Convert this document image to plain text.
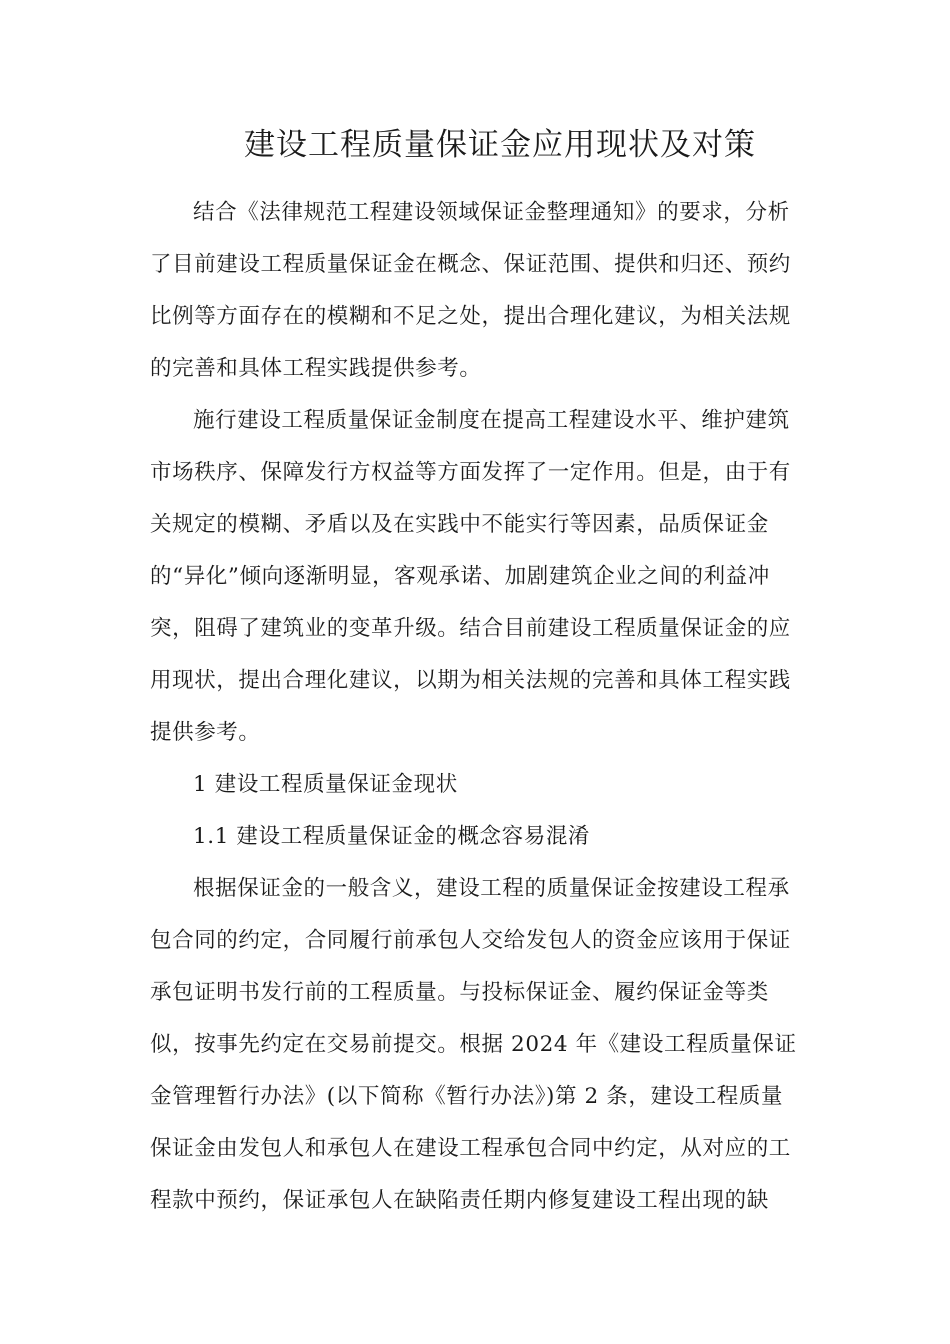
建设工程质量保证金应用现状及对策

结合《法律规范工程建设领域保证金整理通知》的要求，分析

了目前建设工程质量保证金在概念、保证范围、提供和归还、预约

比例等方面存在的模糊和不足之处，提出合理化建议，为相关法规

的完善和具体工程实践提供参考。

施行建设工程质量保证金制度在提高工程建设水平、维护建筑

市场秩序、保障发行方权益等方面发挥了一定作用。但是，由于有

关规定的模糊、矛盾以及在实践中不能实行等因素，品质保证金

的“异化”倾向逐渐明显，客观承诺、加剧建筑企业之间的利益冲

突，阻碍了建筑业的变革升级。结合目前建设工程质量保证金的应

用现状，提出合理化建议，以期为相关法规的完善和具体工程实践

提供参考。

1 建设工程质量保证金现状

1.1 建设工程质量保证金的概念容易混淆

根据保证金的一般含义，建设工程的质量保证金按建设工程承

包合同的约定，合同履行前承包人交给发包人的资金应该用于保证

承包证明书发行前的工程质量。与投标保证金、履约保证金等类

似，按事先约定在交易前提交。根据 2024 年《建设工程质量保证

金管理暂行办法》(以下简称《暂行办法》)第 2 条，建设工程质量

保证金由发包人和承包人在建设工程承包合同中约定，从对应的工

程款中预约，保证承包人在缺陷责任期内修复建设工程出现的缺
